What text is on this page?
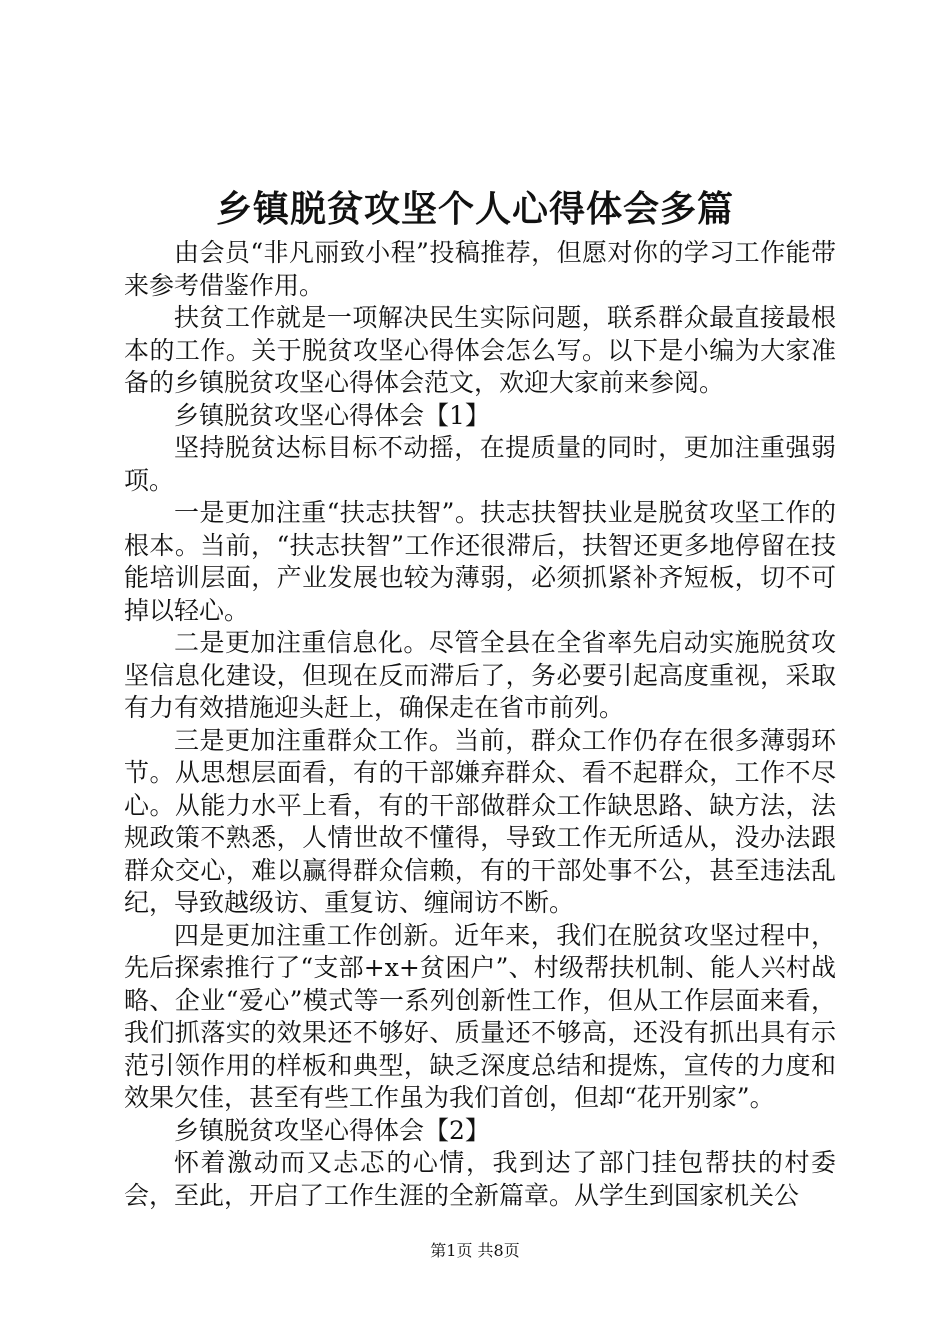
乡镇脱贫攻坚个人心得体会多篇

由会员“非凡丽致小程”投稿推荐，但愿对你的学习工作能带来参考借鉴作用。

扶贫工作就是一项解决民生实际问题，联系群众最直接最根本的工作。关于脱贫攻坚心得体会怎么写。以下是小编为大家准备的乡镇脱贫攻坚心得体会范文，欢迎大家前来参阅。

乡镇脱贫攻坚心得体会【1】

坚持脱贫达标目标不动摇，在提质量的同时，更加注重强弱项。

一是更加注重“扶志扶智”。扶志扶智扶业是脱贫攻坚工作的根本。当前，“扶志扶智”工作还很滞后，扶智还更多地停留在技能培训层面，产业发展也较为薄弱，必须抓紧补齐短板，切不可掉以轻心。

二是更加注重信息化。尽管全县在全省率先启动实施脱贫攻坚信息化建设，但现在反而滞后了，务必要引起高度重视，采取有力有效措施迎头赶上，确保走在省市前列。

三是更加注重群众工作。当前，群众工作仍存在很多薄弱环节。从思想层面看，有的干部嫌弃群众、看不起群众，工作不尽心。从能力水平上看，有的干部做群众工作缺思路、缺方法，法规政策不熟悉，人情世故不懂得，导致工作无所适从，没办法跟群众交心，难以赢得群众信赖，有的干部处事不公，甚至违法乱纪，导致越级访、重复访、缠闹访不断。

四是更加注重工作创新。近年来，我们在脱贫攻坚过程中，先后探索推行了“支部+x+贫困户”、村级帮扶机制、能人兴村战略、企业“爱心”模式等一系列创新性工作，但从工作层面来看，我们抓落实的效果还不够好、质量还不够高，还没有抓出具有示范引领作用的样板和典型，缺乏深度总结和提炼，宣传的力度和效果欠佳，甚至有些工作虽为我们首创，但却“花开别家”。

乡镇脱贫攻坚心得体会【2】

怀着激动而又忐忑的心情，我到达了部门挂包帮扶的村委会，至此，开启了工作生涯的全新篇章。从学生到国家机关公

第1页 共8页
